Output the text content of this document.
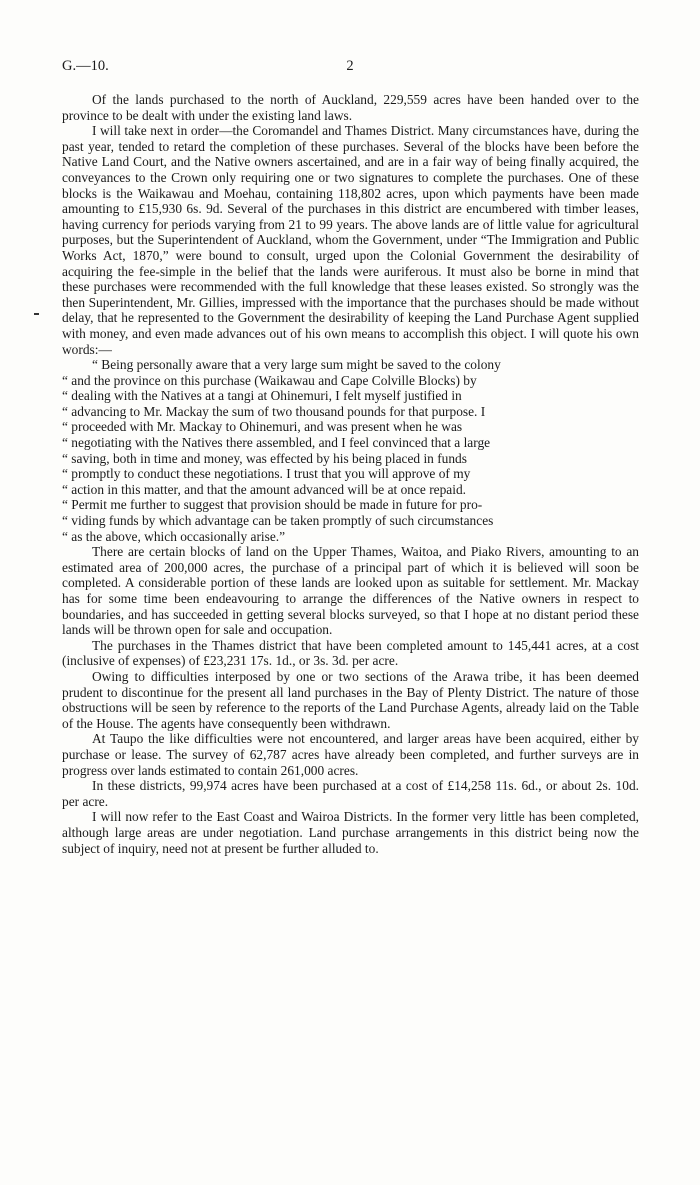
G.—10.	2

Of the lands purchased to the north of Auckland, 229,559 acres have been handed over to the province to be dealt with under the existing land laws.

I will take next in order—the Coromandel and Thames District. Many circumstances have, during the past year, tended to retard the completion of these purchases. Several of the blocks have been before the Native Land Court, and the Native owners ascertained, and are in a fair way of being finally acquired, the conveyances to the Crown only requiring one or two signatures to complete the purchases. One of these blocks is the Waikawau and Moehau, containing 118,802 acres, upon which payments have been made amounting to £15,930 6s. 9d. Several of the purchases in this district are encumbered with timber leases, having currency for periods varying from 21 to 99 years. The above lands are of little value for agricultural purposes, but the Superintendent of Auckland, whom the Government, under “The Immigration and Public Works Act, 1870,” were bound to consult, urged upon the Colonial Government the desirability of acquiring the fee-simple in the belief that the lands were auriferous. It must also be borne in mind that these purchases were recommended with the full knowledge that these leases existed. So strongly was the then Superintendent, Mr. Gillies, impressed with the importance that the purchases should be made without delay, that he represented to the Government the desirability of keeping the Land Purchase Agent supplied with money, and even made advances out of his own means to accomplish this object. I will quote his own words:—

“ Being personally aware that a very large sum might be saved to the colony
“ and the province on this purchase (Waikawau and Cape Colville Blocks) by
“ dealing with the Natives at a tangi at Ohinemuri, I felt myself justified in
“ advancing to Mr. Mackay the sum of two thousand pounds for that purpose. I
“ proceeded with Mr. Mackay to Ohinemuri, and was present when he was
“ negotiating with the Natives there assembled, and I feel convinced that a large
“ saving, both in time and money, was effected by his being placed in funds
“ promptly to conduct these negotiations. I trust that you will approve of my
“ action in this matter, and that the amount advanced will be at once repaid.
“ Permit me further to suggest that provision should be made in future for pro-
“ viding funds by which advantage can be taken promptly of such circumstances
“ as the above, which occasionally arise.”

There are certain blocks of land on the Upper Thames, Waitoa, and Piako Rivers, amounting to an estimated area of 200,000 acres, the purchase of a principal part of which it is believed will soon be completed. A considerable portion of these lands are looked upon as suitable for settlement. Mr. Mackay has for some time been endeavouring to arrange the differences of the Native owners in respect to boundaries, and has succeeded in getting several blocks surveyed, so that I hope at no distant period these lands will be thrown open for sale and occupation.

The purchases in the Thames district that have been completed amount to 145,441 acres, at a cost (inclusive of expenses) of £23,231 17s. 1d., or 3s. 3d. per acre.

Owing to difficulties interposed by one or two sections of the Arawa tribe, it has been deemed prudent to discontinue for the present all land purchases in the Bay of Plenty District. The nature of those obstructions will be seen by reference to the reports of the Land Purchase Agents, already laid on the Table of the House. The agents have consequently been withdrawn.

At Taupo the like difficulties were not encountered, and larger areas have been acquired, either by purchase or lease. The survey of 62,787 acres have already been completed, and further surveys are in progress over lands estimated to contain 261,000 acres.

In these districts, 99,974 acres have been purchased at a cost of £14,258 11s. 6d., or about 2s. 10d. per acre.

I will now refer to the East Coast and Wairoa Districts. In the former very little has been completed, although large areas are under negotiation. Land purchase arrangements in this district being now the subject of inquiry, need not at present be further alluded to.
